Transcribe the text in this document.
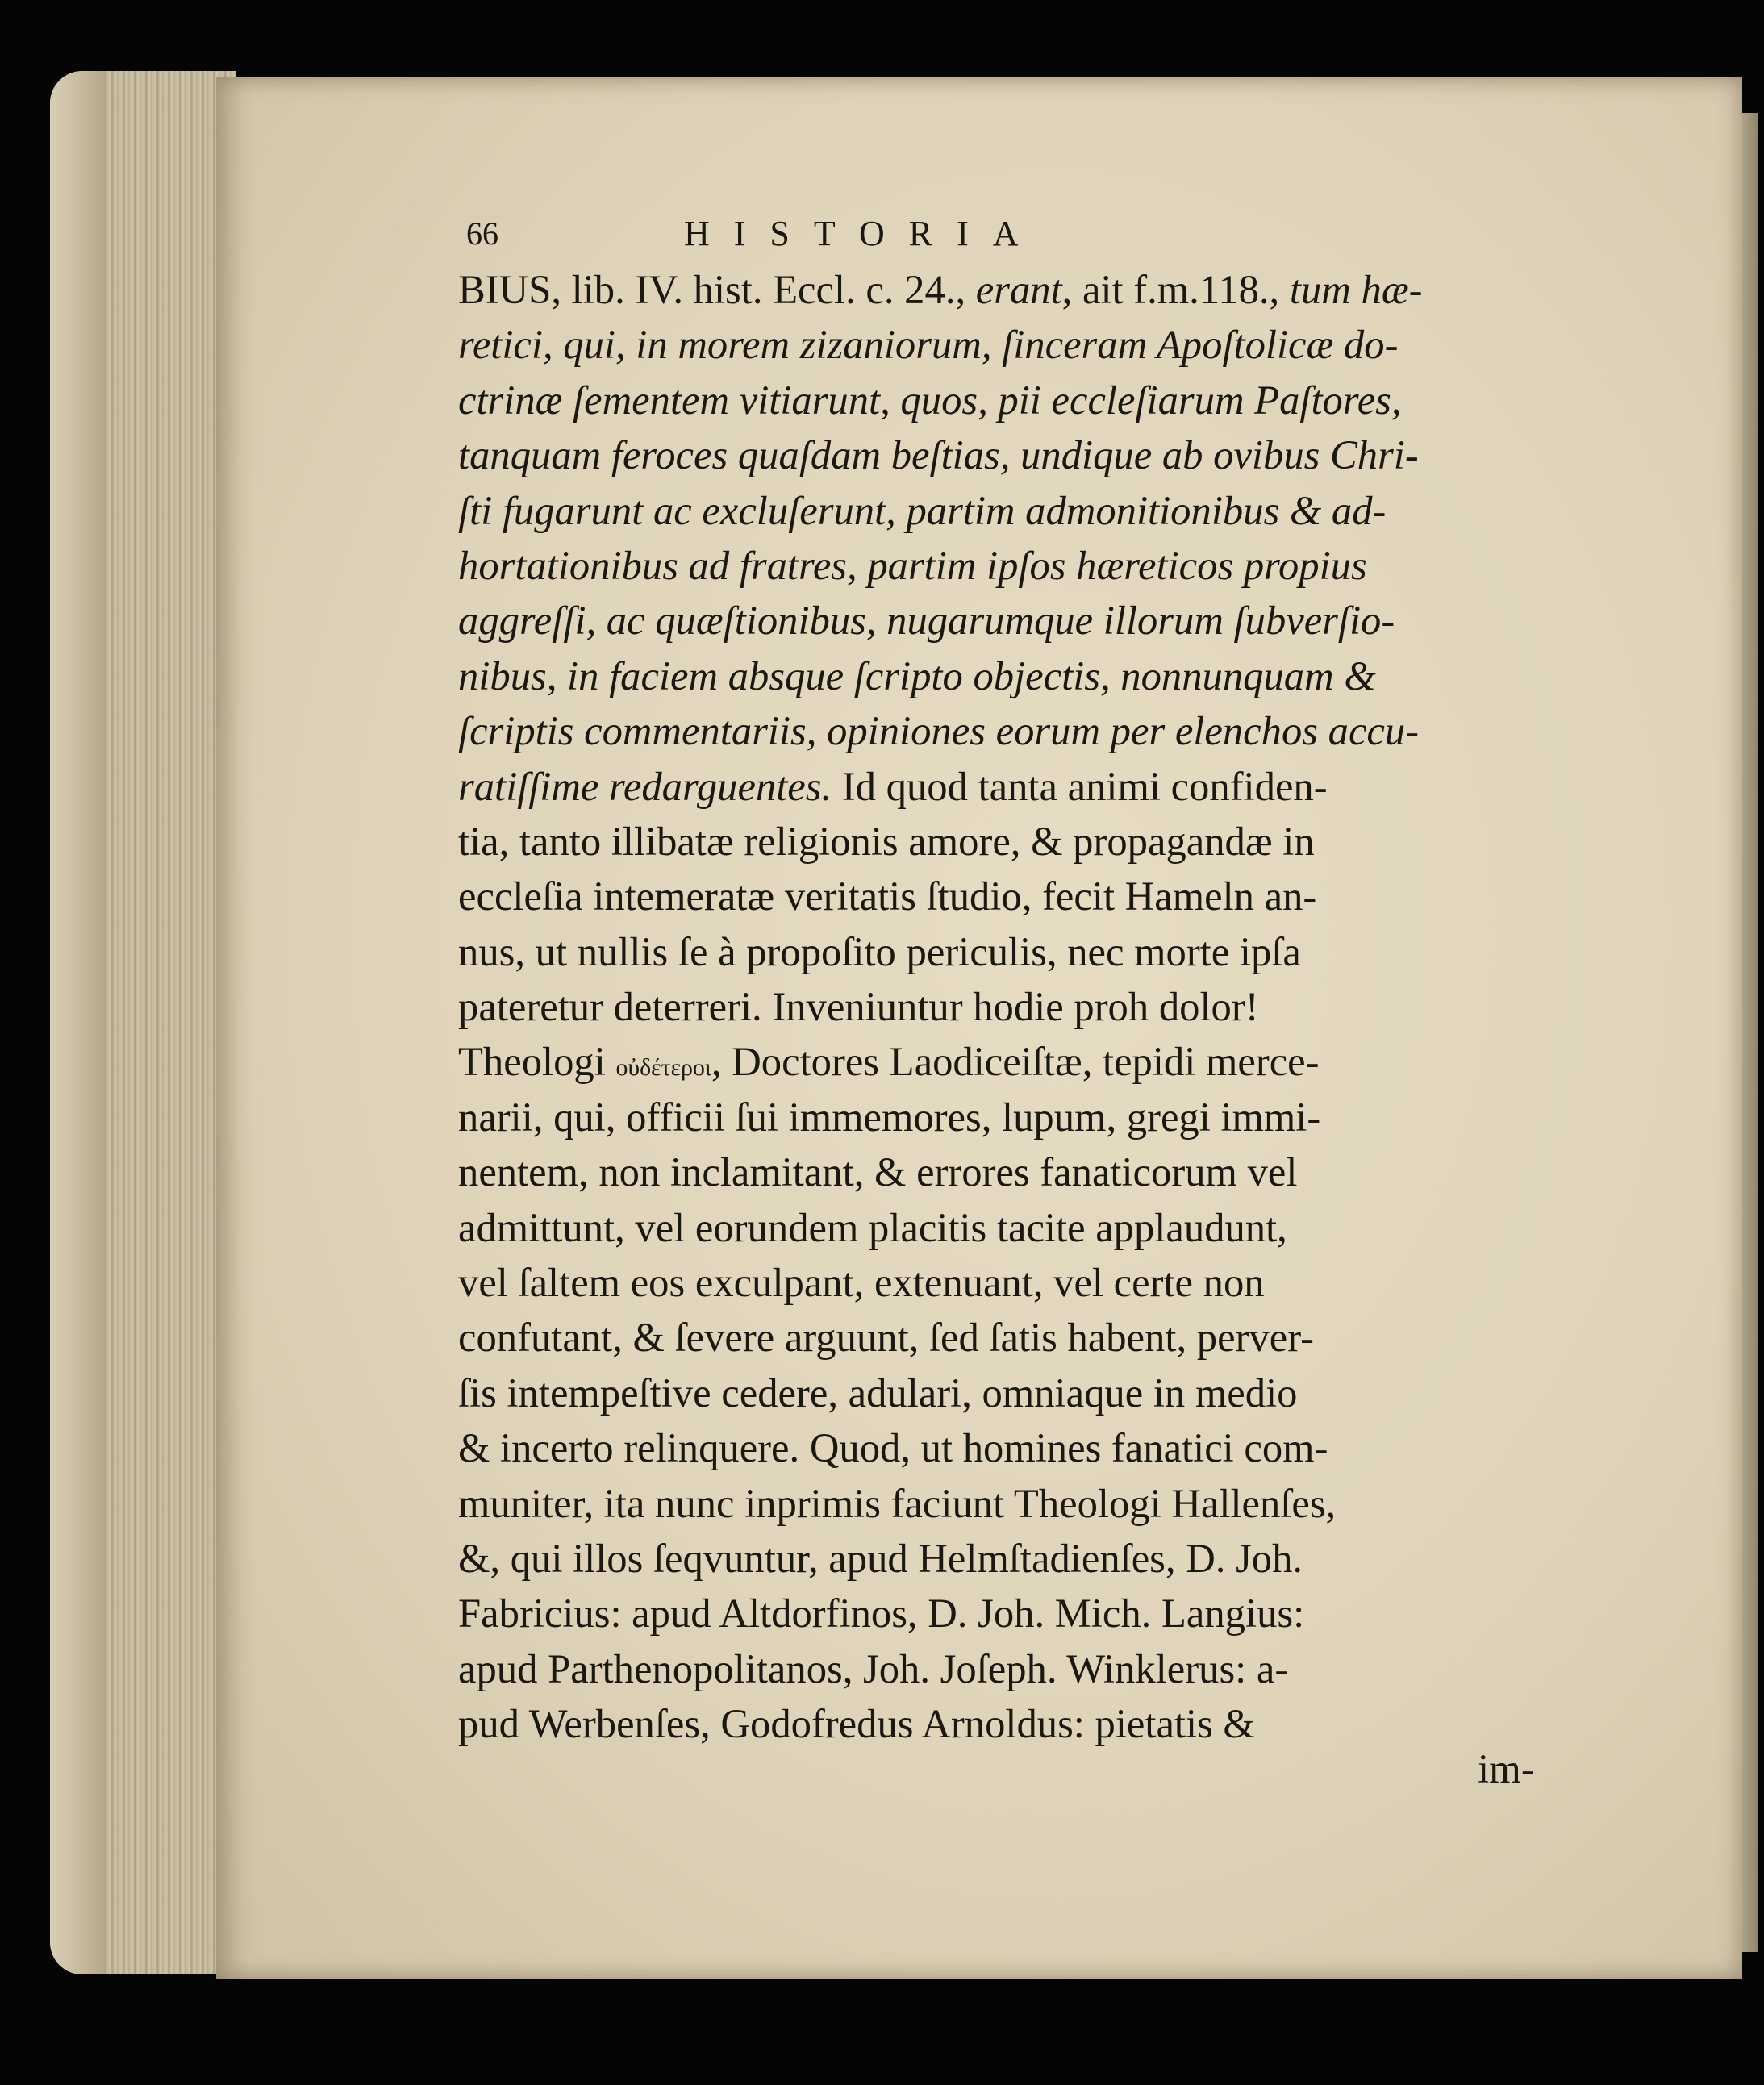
66	HISTORIA
BIUS, lib. IV. hist. Eccl. c. 24., erant, ait f.m.118., tum hæ-
retici, qui, in morem zizaniorum, ſinceram Apoſtolicæ do-
ctrinæ ſementem vitiarunt, quos, pii eccleſiarum Paſtores,
tanquam feroces quaſdam beſtias, undique ab ovibus Chri-
ſti fugarunt ac excluſerunt, partim admonitionibus & ad-
hortationibus ad fratres, partim ipſos hæreticos propius
aggreſſi, ac quæſtionibus, nugarumque illorum ſubverſio-
nibus, in faciem absque ſcripto objectis, nonnunquam &
ſcriptis commentariis, opiniones eorum per elenchos accu-
ratiſſime redarguentes. Id quod tanta animi confiden-
tia, tanto illibatæ religionis amore, & propagandæ in
eccleſia intemeratæ veritatis ſtudio, fecit Hameln an-
nus, ut nullis ſe à propoſito periculis, nec morte ipſa
pateretur deterreri. Inveniuntur hodie proh dolor!
Theologi οὐδέτεροι, Doctores Laodiceiſtæ, tepidi merce-
narii, qui, officii ſui immemores, lupum, gregi immi-
nentem, non inclamitant, & errores fanaticorum vel
admittunt, vel eorundem placitis tacite applaudunt,
vel ſaltem eos exculpant, extenuant, vel certe non
confutant, & ſevere arguunt, ſed ſatis habent, perver-
ſis intempeſtive cedere, adulari, omniaque in medio
& incerto relinquere. Quod, ut homines fanatici com-
muniter, ita nunc inprimis faciunt Theologi Hallenſes,
&, qui illos ſeqvuntur, apud Helmſtadienſes, D. Joh.
Fabricius: apud Altdorfinos, D. Joh. Mich. Langius:
apud Parthenopolitanos, Joh. Joſeph. Winklerus: a-
pud Werbenſes, Godofredus Arnoldus: pietatis &
im-
